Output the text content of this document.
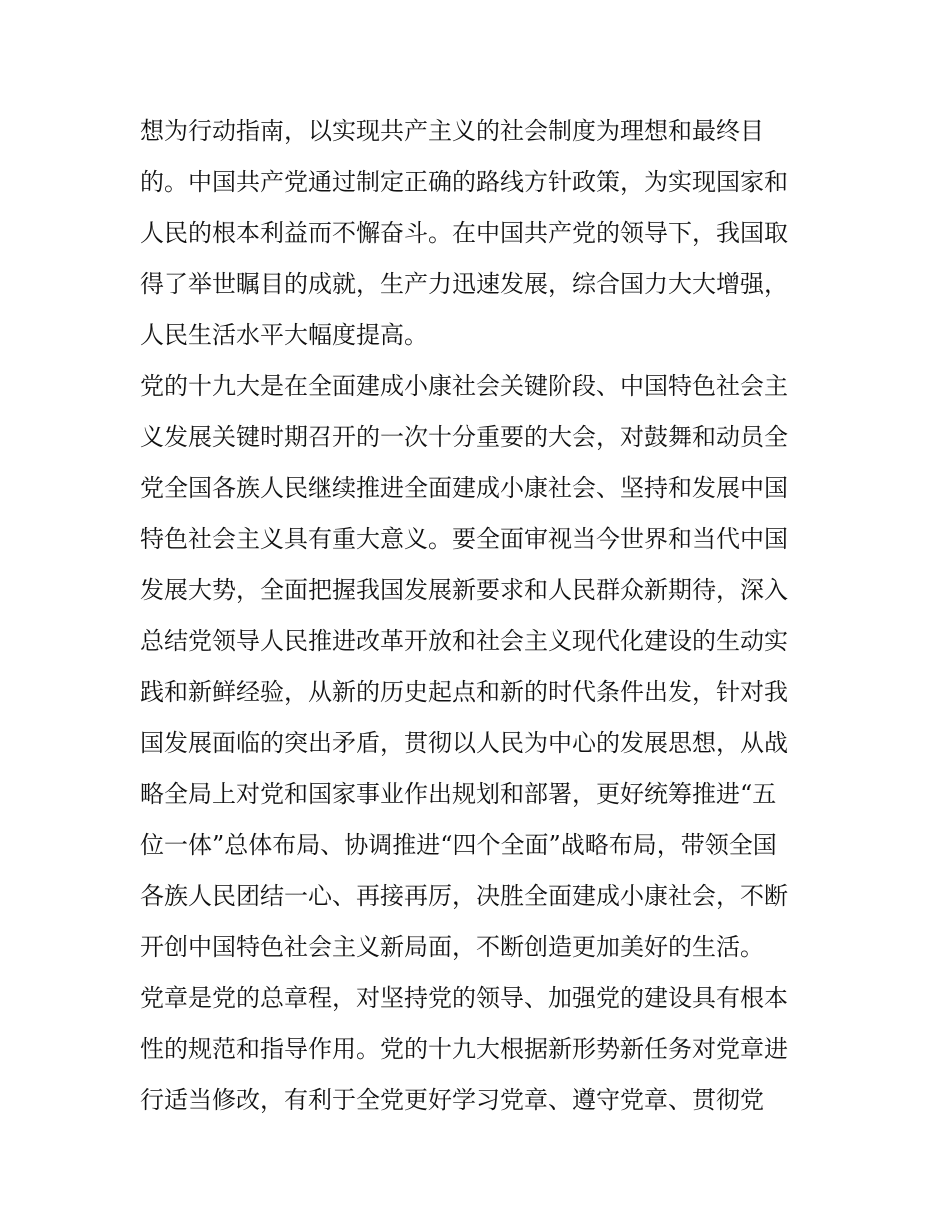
想为行动指南，以实现共产主义的社会制度为理想和最终目
的。中国共产党通过制定正确的路线方针政策，为实现国家和
人民的根本利益而不懈奋斗。在中国共产党的领导下，我国取
得了举世瞩目的成就，生产力迅速发展，综合国力大大增强，
人民生活水平大幅度提高。
党的十九大是在全面建成小康社会关键阶段、中国特色社会主
义发展关键时期召开的一次十分重要的大会，对鼓舞和动员全
党全国各族人民继续推进全面建成小康社会、坚持和发展中国
特色社会主义具有重大意义。要全面审视当今世界和当代中国
发展大势，全面把握我国发展新要求和人民群众新期待，深入
总结党领导人民推进改革开放和社会主义现代化建设的生动实
践和新鲜经验，从新的历史起点和新的时代条件出发，针对我
国发展面临的突出矛盾，贯彻以人民为中心的发展思想，从战
略全局上对党和国家事业作出规划和部署，更好统筹推进“五
位一体”总体布局、协调推进“四个全面”战略布局，带领全国
各族人民团结一心、再接再厉，决胜全面建成小康社会，不断
开创中国特色社会主义新局面，不断创造更加美好的生活。
党章是党的总章程，对坚持党的领导、加强党的建设具有根本
性的规范和指导作用。党的十九大根据新形势新任务对党章进
行适当修改，有利于全党更好学习党章、遵守党章、贯彻党
